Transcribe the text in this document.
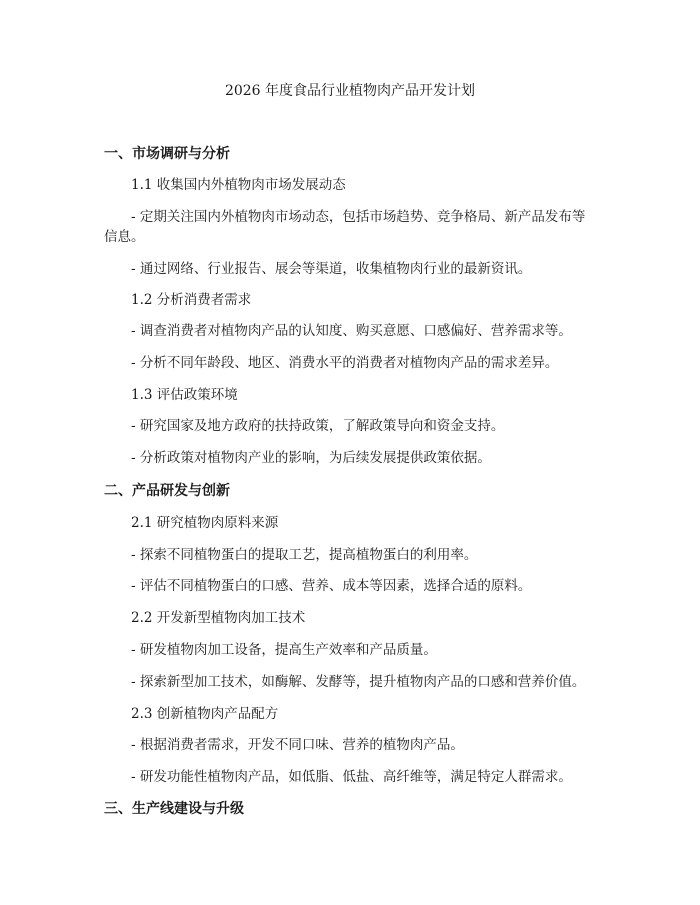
2026 年度食品行业植物肉产品开发计划
一、市场调研与分析
1.1 收集国内外植物肉市场发展动态
- 定期关注国内外植物肉市场动态，包括市场趋势、竞争格局、新产品发布等
信息。
- 通过网络、行业报告、展会等渠道，收集植物肉行业的最新资讯。
1.2 分析消费者需求
- 调查消费者对植物肉产品的认知度、购买意愿、口感偏好、营养需求等。
- 分析不同年龄段、地区、消费水平的消费者对植物肉产品的需求差异。
1.3 评估政策环境
- 研究国家及地方政府的扶持政策，了解政策导向和资金支持。
- 分析政策对植物肉产业的影响，为后续发展提供政策依据。
二、产品研发与创新
2.1 研究植物肉原料来源
- 探索不同植物蛋白的提取工艺，提高植物蛋白的利用率。
- 评估不同植物蛋白的口感、营养、成本等因素，选择合适的原料。
2.2 开发新型植物肉加工技术
- 研发植物肉加工设备，提高生产效率和产品质量。
- 探索新型加工技术，如酶解、发酵等，提升植物肉产品的口感和营养价值。
2.3 创新植物肉产品配方
- 根据消费者需求，开发不同口味、营养的植物肉产品。
- 研发功能性植物肉产品，如低脂、低盐、高纤维等，满足特定人群需求。
三、生产线建设与升级
